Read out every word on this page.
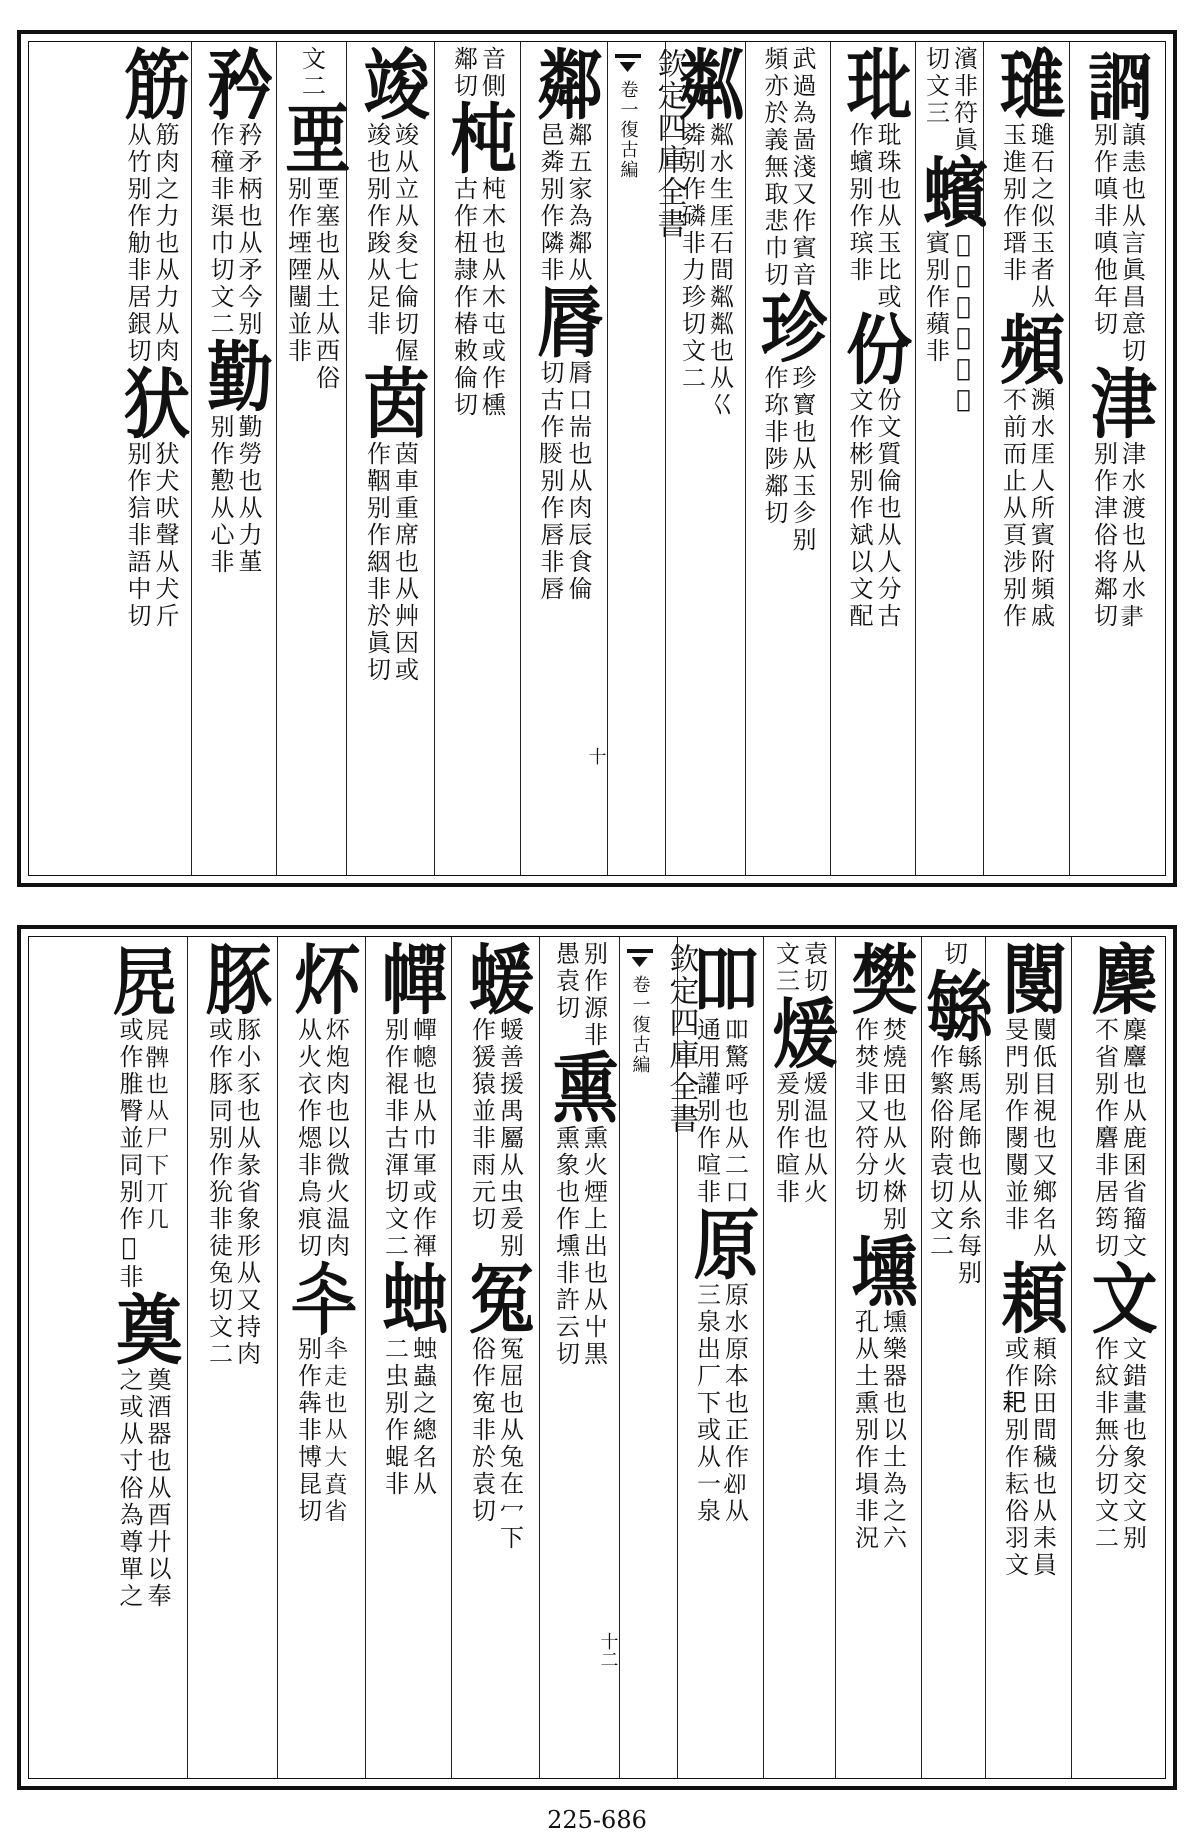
𧨝
謓恚也从言眞昌意切
别作嗔非嗔他年切
津
津水渡也从水𦘔
别作津俗将鄰切
璡
璡石之似玉者从
玉進别作瑨非
頻
瀕水厓人所賓附頻戚
不前而止从頁涉别作
濱非符眞
切文三
蠙
𧖥大蟒也从艸
賓别作蘋非
玭
玭珠也从玉比或
作蠙别作瑸非
份
份文質倫也从人分古
文作彬别作斌以文配
武過為啚淺又作賓音
頻亦於義無取悲巾切
珍
珍寳也从玉㐱别
作珎非陟鄰切
粼
粼水生厓石間粼粼也从巜
粦别作磷非力珍切文二
欽定四庫全書
卷一
復古編
十
鄰
鄰五家為鄰从
邑粦别作隣非
脣
脣口耑也从肉辰食倫
切古作𦜒别作唇非唇
音側
鄰切
杶
杶木也从木屯或作櫄
古作杻隷作椿敕倫切
竣
竣从立从夋七倫切偓
竣也别作踆从足非
茵
茵車重席也从艸因或
作鞇别作絪非於眞切
文二
垔
垔塞也从土从西俗
别作堙陻闉並非
矜
矜矛柄也从矛今别
作穜非渠巾切文二
勤
勤勞也从力堇
别作懃从心非
筋
筋肉之力也从力从肉
从竹别作觔非居銀切
犾
犾犬吠聲从犬斤
别作狺非語中切
麇
麇麞也从鹿囷省籀文
不省别作麏非居筠切
文
文錯畫也象交文别
作紋非無分切文二
閺
閺低目視也又鄉名从
旻門别作閿閺並非
頛
頛除田間穢也从耒員
或作𦓨别作耘俗羽文
切
䋣
緐馬尾飾也从糸每别
作繁俗附袁切文二
樊
焚燒田也从火棥别
作焚非又符分切
壎
壎樂器也以土為之六
孔从土熏别作塤非況
袁切
文三
煖
煖温也从火
爰别作暄非
吅
吅驚呼也从二口
通用讙别作喧非
原
原水原本也正作𠨘从
三泉出厂下或从一泉
欽定四庫全書
卷一
復古編
十二
别作源非
愚袁切
熏
熏火煙上出也从屮黒
熏象也作壎非許云切
蝯
蝯善援禺屬从虫爰别
作猨猿並非雨元切
冤
冤屈也从兔在冖下
俗作寃非於袁切
幝
幝幒也从巾軍或作褌
别作裩非古渾切文二
䖵
䖵蟲之總名从
二虫别作蜫非
炋
炋炮肉也以微火温肉
从火衣作煾非烏痕切
𠦍
𠦍走也从大賁省
别作犇非博昆切
豚
豚小豕也从彖省象形从又持肉
或作豚同别作狁非徒兔切文二
𡱂
𡱂髀也从尸下丌几
或作脽臀並同别作𩩓非
奠
奠酒器也从酉廾以奉
之或从寸俗為尊單之
225-686
